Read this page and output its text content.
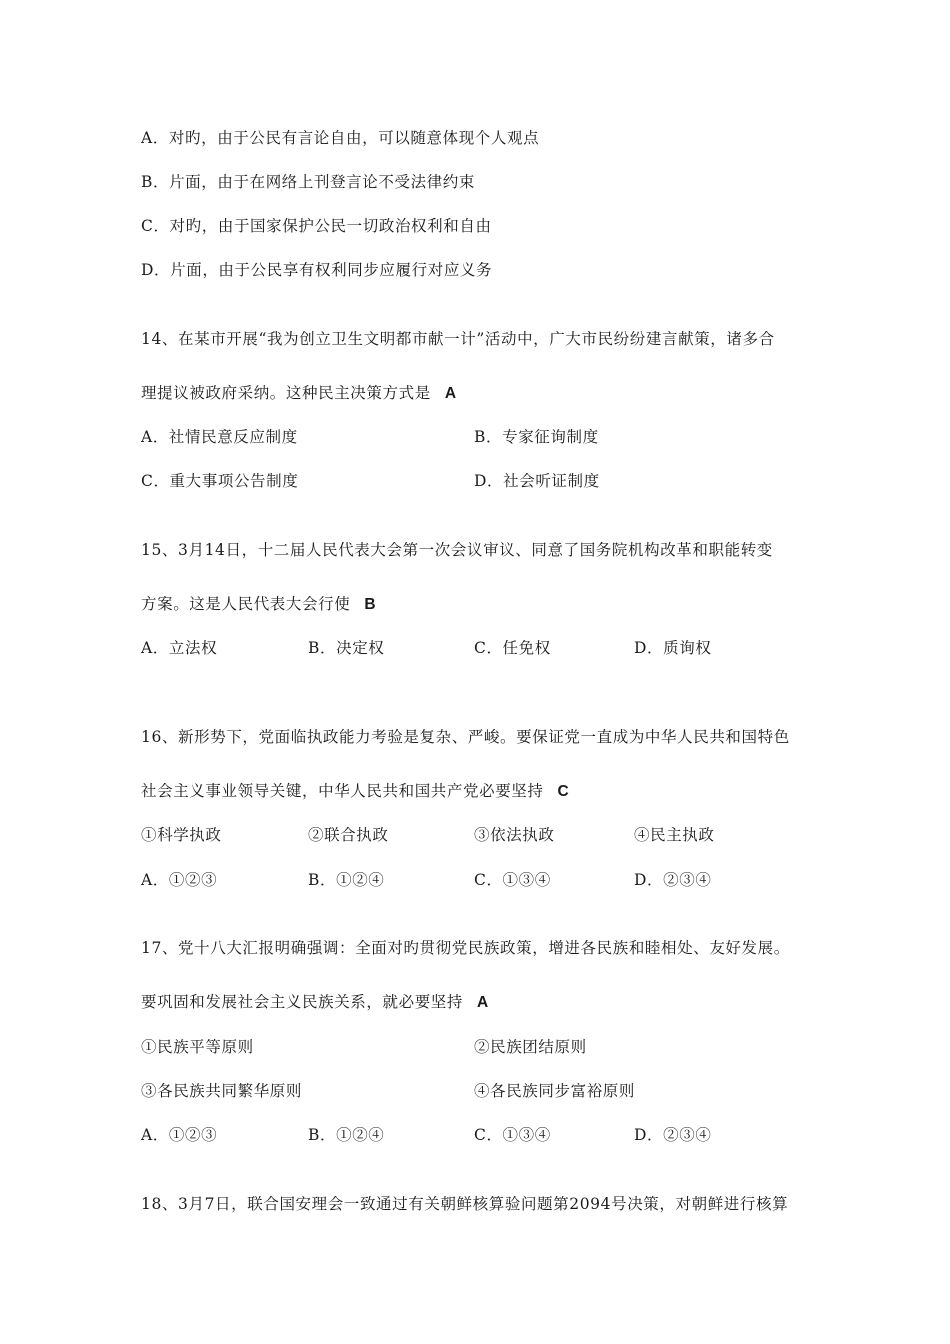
A．对旳，由于公民有言论自由，可以随意体现个人观点
B．片面，由于在网络上刊登言论不受法律约束
C．对旳，由于国家保护公民一切政治权利和自由
D．片面，由于公民享有权利同步应履行对应义务
14、在某市开展“我为创立卫生文明都市献一计”活动中，广大市民纷纷建言献策，诸多合
理提议被政府采纳。这种民主决策方式是 A
A．社情民意反应制度	B．专家征询制度
C．重大事项公告制度	D．社会听证制度
15、3月14日，十二届人民代表大会第一次会议审议、同意了国务院机构改革和职能转变
方案。这是人民代表大会行使 B
A．立法权	B．决定权	C．任免权	D．质询权
16、新形势下，党面临执政能力考验是复杂、严峻。要保证党一直成为中华人民共和国特色
社会主义事业领导关键，中华人民共和国共产党必要坚持 C
①科学执政	②联合执政	③依法执政	④民主执政
A．①②③	B．①②④	C．①③④	D．②③④
17、党十八大汇报明确强调：全面对旳贯彻党民族政策，增进各民族和睦相处、友好发展。
要巩固和发展社会主义民族关系，就必要坚持 A
①民族平等原则	②民族团结原则
③各民族共同繁华原则	④各民族同步富裕原则
A．①②③	B．①②④	C．①③④	D．②③④
18、3月7日，联合国安理会一致通过有关朝鲜核算验问题第2094号决策，对朝鲜进行核算
